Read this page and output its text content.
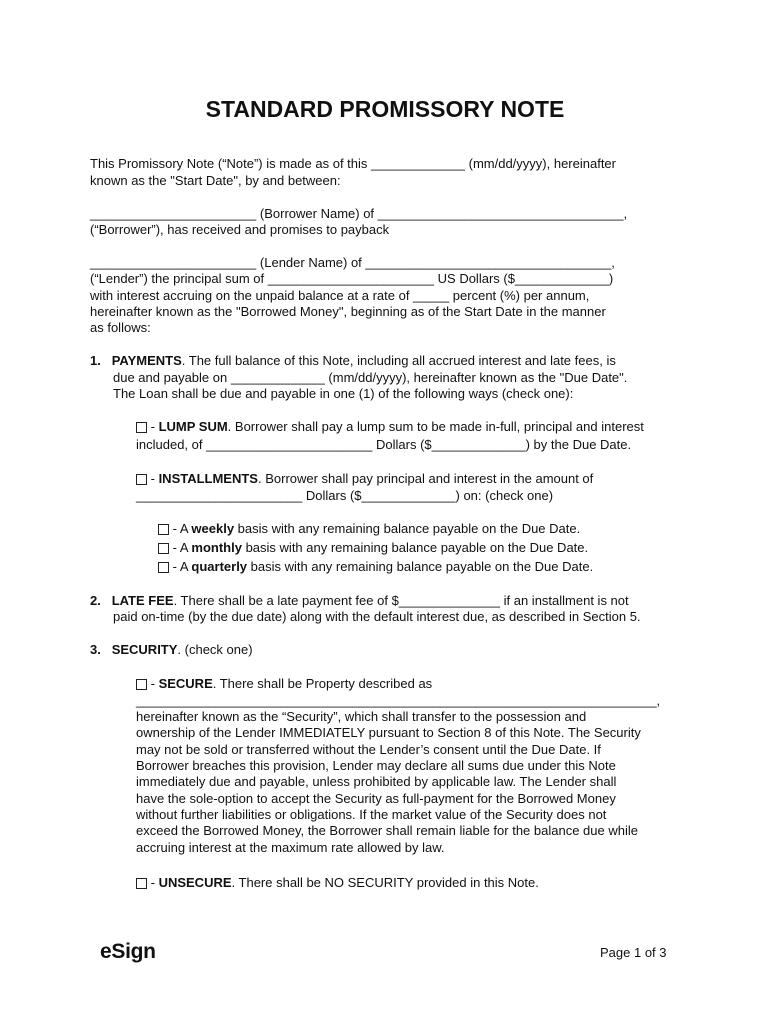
STANDARD PROMISSORY NOTE
This Promissory Note (“Note”) is made as of this _____________ (mm/dd/yyyy), hereinafter
known as the "Start Date", by and between:
_______________________ (Borrower Name) of __________________________________,
(“Borrower”), has received and promises to payback
_______________________ (Lender Name) of __________________________________,
(“Lender”) the principal sum of _______________________ US Dollars ($_____________)
with interest accruing on the unpaid balance at a rate of _____ percent (%) per annum,
hereinafter known as the "Borrowed Money", beginning as of the Start Date in the manner
as follows:
1. PAYMENTS. The full balance of this Note, including all accrued interest and late fees, is
due and payable on _____________ (mm/dd/yyyy), hereinafter known as the "Due Date".
The Loan shall be due and payable in one (1) of the following ways (check one):
- LUMP SUM. Borrower shall pay a lump sum to be made in-full, principal and interest
included, of _______________________ Dollars ($_____________) by the Due Date.
- INSTALLMENTS. Borrower shall pay principal and interest in the amount of
_______________________ Dollars ($_____________) on: (check one)
- A weekly basis with any remaining balance payable on the Due Date.
- A monthly basis with any remaining balance payable on the Due Date.
- A quarterly basis with any remaining balance payable on the Due Date.
2. LATE FEE. There shall be a late payment fee of $______________ if an installment is not
paid on-time (by the due date) along with the default interest due, as described in Section 5.
3. SECURITY. (check one)
- SECURE. There shall be Property described as
________________________________________________________________________,
hereinafter known as the “Security”, which shall transfer to the possession and
ownership of the Lender IMMEDIATELY pursuant to Section 8 of this Note. The Security
may not be sold or transferred without the Lender’s consent until the Due Date. If
Borrower breaches this provision, Lender may declare all sums due under this Note
immediately due and payable, unless prohibited by applicable law. The Lender shall
have the sole-option to accept the Security as full-payment for the Borrowed Money
without further liabilities or obligations. If the market value of the Security does not
exceed the Borrowed Money, the Borrower shall remain liable for the balance due while
accruing interest at the maximum rate allowed by law.
- UNSECURE. There shall be NO SECURITY provided in this Note.
eSign	Page 1 of 3
